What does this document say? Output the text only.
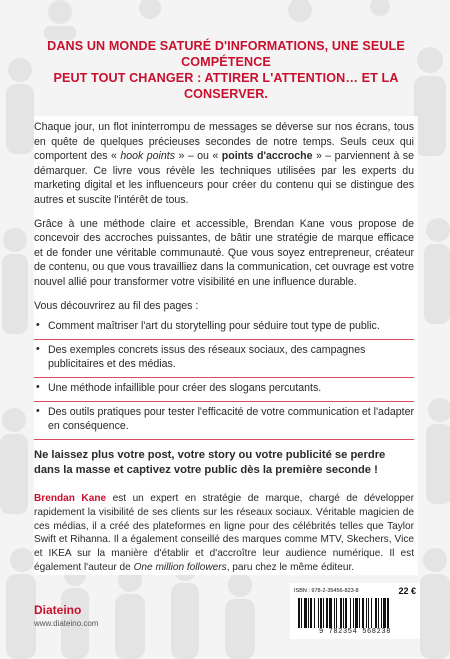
DANS UN MONDE SATURÉ D'INFORMATIONS, UNE SEULE COMPÉTENCE
PEUT TOUT CHANGER : ATTIRER L'ATTENTION… ET LA CONSERVER.

Chaque jour, un flot ininterrompu de messages se déverse sur nos écrans, tous en quête de quelques précieuses secondes de notre temps. Seuls ceux qui comportent des « hook points » – ou « points d'accroche » – parviennent à se démarquer. Ce livre vous révèle les techniques utilisées par les experts du marketing digital et les influenceurs pour créer du contenu qui se distingue des autres et suscite l'intérêt de tous.

Grâce à une méthode claire et accessible, Brendan Kane vous propose de concevoir des accroches puissantes, de bâtir une stratégie de marque efficace et de fonder une véritable communauté. Que vous soyez entrepreneur, créateur de contenu, ou que vous travailliez dans la communication, cet ouvrage est votre nouvel allié pour transformer votre visibilité en une influence durable.

Vous découvrirez au fil des pages :

• Comment maîtriser l'art du storytelling pour séduire tout type de public.
• Des exemples concrets issus des réseaux sociaux, des campagnes publicitaires et des médias.
• Une méthode infaillible pour créer des slogans percutants.
• Des outils pratiques pour tester l'efficacité de votre communication et l'adapter en conséquence.

Ne laissez plus votre post, votre story ou votre publicité se perdre dans la masse et captivez votre public dès la première seconde !

Brendan Kane est un expert en stratégie de marque, chargé de développer rapidement la visibilité de ses clients sur les réseaux sociaux. Véritable magicien de ces médias, il a créé des plateformes en ligne pour des célébrités telles que Taylor Swift et Rihanna. Il a également conseillé des marques comme MTV, Skechers, Vice et IKEA sur la manière d'établir et d'accroître leur audience numérique. Il est également l'auteur de One million followers, paru chez le même éditeur.

Diateino
www.diateino.com
ISBN : 978-2-35456-823-8	22 €
9 782354 568238
